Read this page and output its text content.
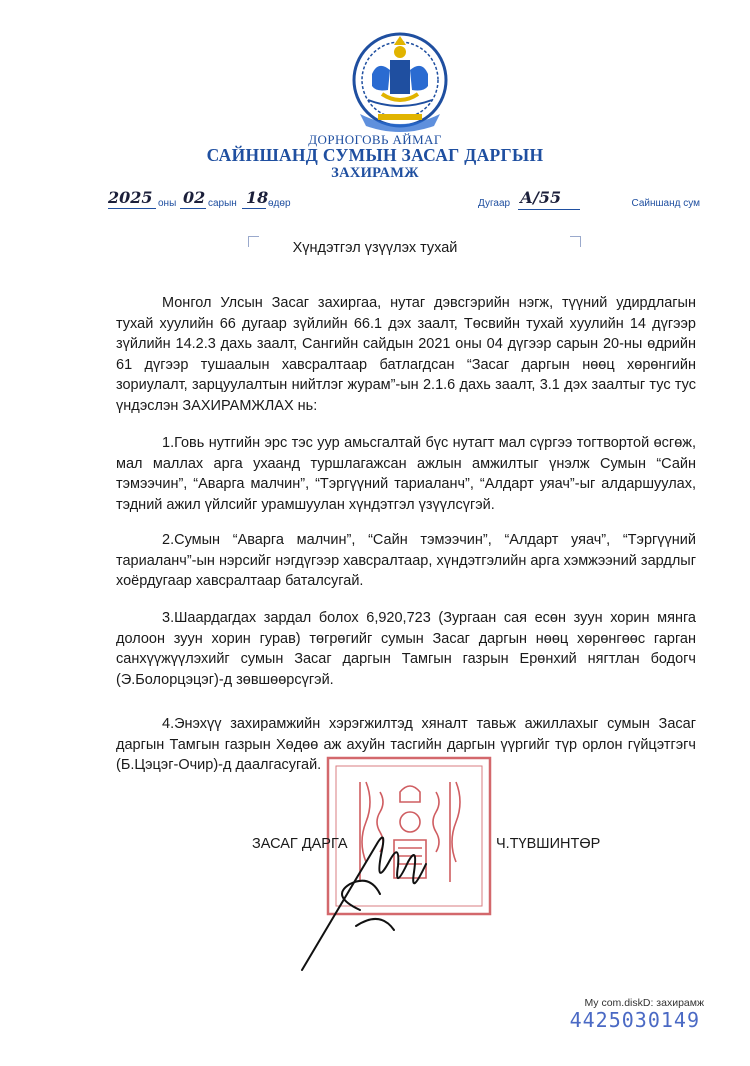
ДОРНОГОВЬ АЙМАГ
САЙНШАНД СУМЫН ЗАСАГ ДАРГЫН
ЗАХИРАМЖ
2025 оны 02 сарын 18 өдөр	Дугаар А/55	Сайншанд сум
Хүндэтгэл үзүүлэх тухай

Монгол Улсын Засаг захиргаа, нутаг дэвсгэрийн нэгж, түүний удирдлагын тухай хуулийн 66 дугаар зүйлийн 66.1 дэх заалт, Төсвийн тухай хуулийн 14 дүгээр зүйлийн 14.2.3 дахь заалт, Сангийн сайдын 2021 оны 04 дүгээр сарын 20-ны өдрийн 61 дүгээр тушаалын хавсралтаар батлагдсан “Засаг даргын нөөц хөрөнгийн зориулалт, зарцуулалтын нийтлэг журам”-ын 2.1.6 дахь заалт, 3.1 дэх заалтыг тус тус үндэслэн ЗАХИРАМЖЛАХ нь:

1.Говь нутгийн эрс тэс уур амьсгалтай бүс нутагт мал сүргээ тогтвортой өсгөж, мал маллах арга ухаанд туршлагажсан ажлын амжилтыг үнэлж Сумын “Сайн тэмээчин”, “Аварга малчин”, “Тэргүүний тариаланч”, “Алдарт уяач”-ыг алдаршуулах, тэдний ажил үйлсийг урамшуулан хүндэтгэл үзүүлсүгэй.

2.Сумын “Аварга малчин”, “Сайн тэмээчин”, “Алдарт уяач”, “Тэргүүний тариаланч”-ын нэрсийг нэгдүгээр хавсралтаар, хүндэтгэлийн арга хэмжээний зардлыг хоёрдугаар хавсралтаар баталсугай.

3.Шаардагдах зардал болох 6,920,723 (Зургаан сая есөн зуун хорин мянга долоон зуун хорин гурав) төгрөгийг сумын Засаг даргын нөөц хөрөнгөөс гарган санхүүжүүлэхийг сумын Засаг даргын Тамгын газрын Ерөнхий нягтлан бодогч (Э.Болорцэцэг)-д зөвшөөрсүгэй.

4.Энэхүү захирамжийн хэрэгжилтэд хяналт тавьж ажиллахыг сумын Засаг даргын Тамгын газрын Хөдөө аж ахуйн тасгийн даргын үүргийг түр орлон гүйцэтгэгч (Б.Цэцэг-Очир)-д даалгасугай.

ЗАСАГ ДАРГА	Ч.ТҮВШИНТӨР
My com.diskD: захирамж
4425030149
